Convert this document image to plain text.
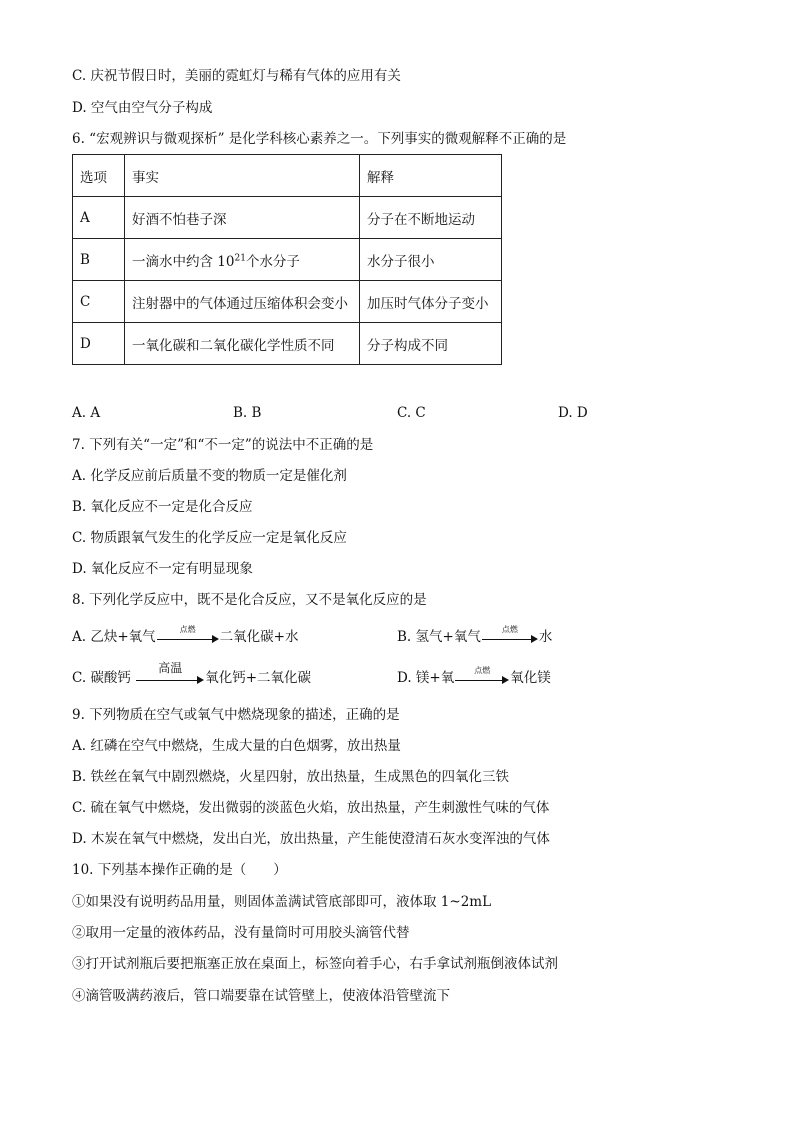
C. 庆祝节假日时，美丽的霓虹灯与稀有气体的应用有关
D. 空气由空气分子构成
6. “宏观辨识与微观探析” 是化学科核心素养之一。下列事实的微观解释不正确的是
选项	事实	解释
A	好酒不怕巷子深	分子在不断地运动
B	一滴水中约含 $10^{21}$个水分子	水分子很小
C	注射器中的气体通过压缩体积会变小	加压时气体分子变小
D	一氧化碳和二氧化碳化学性质不同	分子构成不同
A. A	B. B	C. C	D. D
7. 下列有关“一定”和“不一定”的说法中不正确的是
A. 化学反应前后质量不变的物质一定是催化剂
B. 氧化反应不一定是化合反应
C. 物质跟氧气发生的化学反应一定是氧化反应
D. 氧化反应不一定有明显现象
8. 下列化学反应中，既不是化合反应，又不是氧化反应的是
A. 乙炔+氧气	点燃	二氧化碳+水	B. 氢气+氧气	点燃	水
C. 碳酸钙
高温
氧化钙+二氧化碳	D. 镁+氧	点燃	氧化镁
9. 下列物质在空气或氧气中燃烧现象的描述，正确的是
A. 红磷在空气中燃烧，生成大量的白色烟雾，放出热量
B. 铁丝在氧气中剧烈燃烧，火星四射，放出热量，生成黑色的四氧化三铁
C. 硫在氧气中燃烧，发出微弱的淡蓝色火焰，放出热量，产生刺激性气味的气体
D. 木炭在氧气中燃烧，发出白光，放出热量，产生能使澄清石灰水变浑浊的气体
10. 下列基本操作正确的是（　　）
①如果没有说明药品用量，则固体盖满试管底部即可，液体取 1~2mL
②取用一定量的液体药品，没有量筒时可用胶头滴管代替
③打开试剂瓶后要把瓶塞正放在桌面上，标签向着手心，右手拿试剂瓶倒液体试剂
④滴管吸满药液后，管口端要靠在试管壁上，使液体沿管壁流下
